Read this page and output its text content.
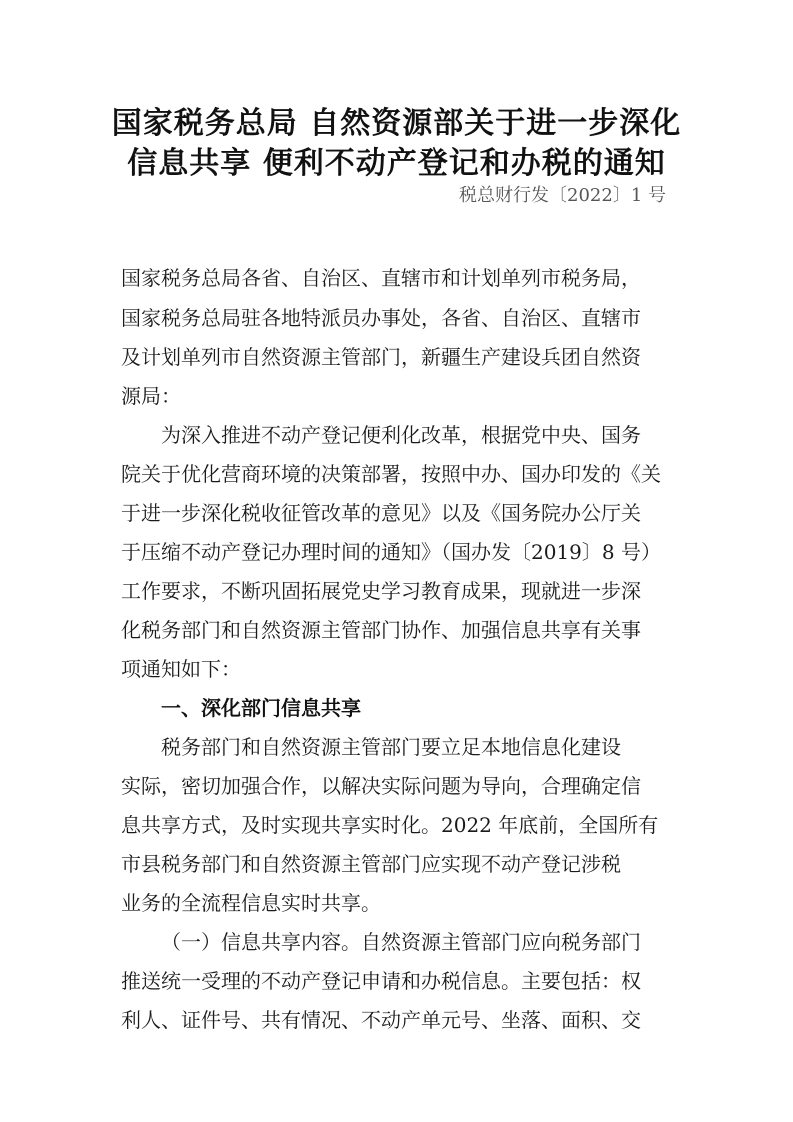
国家税务总局 自然资源部关于进一步深化
信息共享 便利不动产登记和办税的通知
税总财行发〔2022〕1 号
国家税务总局各省、自治区、直辖市和计划单列市税务局，
国家税务总局驻各地特派员办事处，各省、自治区、直辖市
及计划单列市自然资源主管部门，新疆生产建设兵团自然资
源局：
为深入推进不动产登记便利化改革，根据党中央、国务
院关于优化营商环境的决策部署，按照中办、国办印发的《关
于进一步深化税收征管改革的意见》以及《国务院办公厅关
于压缩不动产登记办理时间的通知》（国办发〔2019〕8 号）
工作要求，不断巩固拓展党史学习教育成果，现就进一步深
化税务部门和自然资源主管部门协作、加强信息共享有关事
项通知如下：
一、深化部门信息共享
税务部门和自然资源主管部门要立足本地信息化建设
实际，密切加强合作，以解决实际问题为导向，合理确定信
息共享方式，及时实现共享实时化。2022 年底前，全国所有
市县税务部门和自然资源主管部门应实现不动产登记涉税
业务的全流程信息实时共享。
（一）信息共享内容。自然资源主管部门应向税务部门
推送统一受理的不动产登记申请和办税信息。主要包括：权
利人、证件号、共有情况、不动产单元号、坐落、面积、交
